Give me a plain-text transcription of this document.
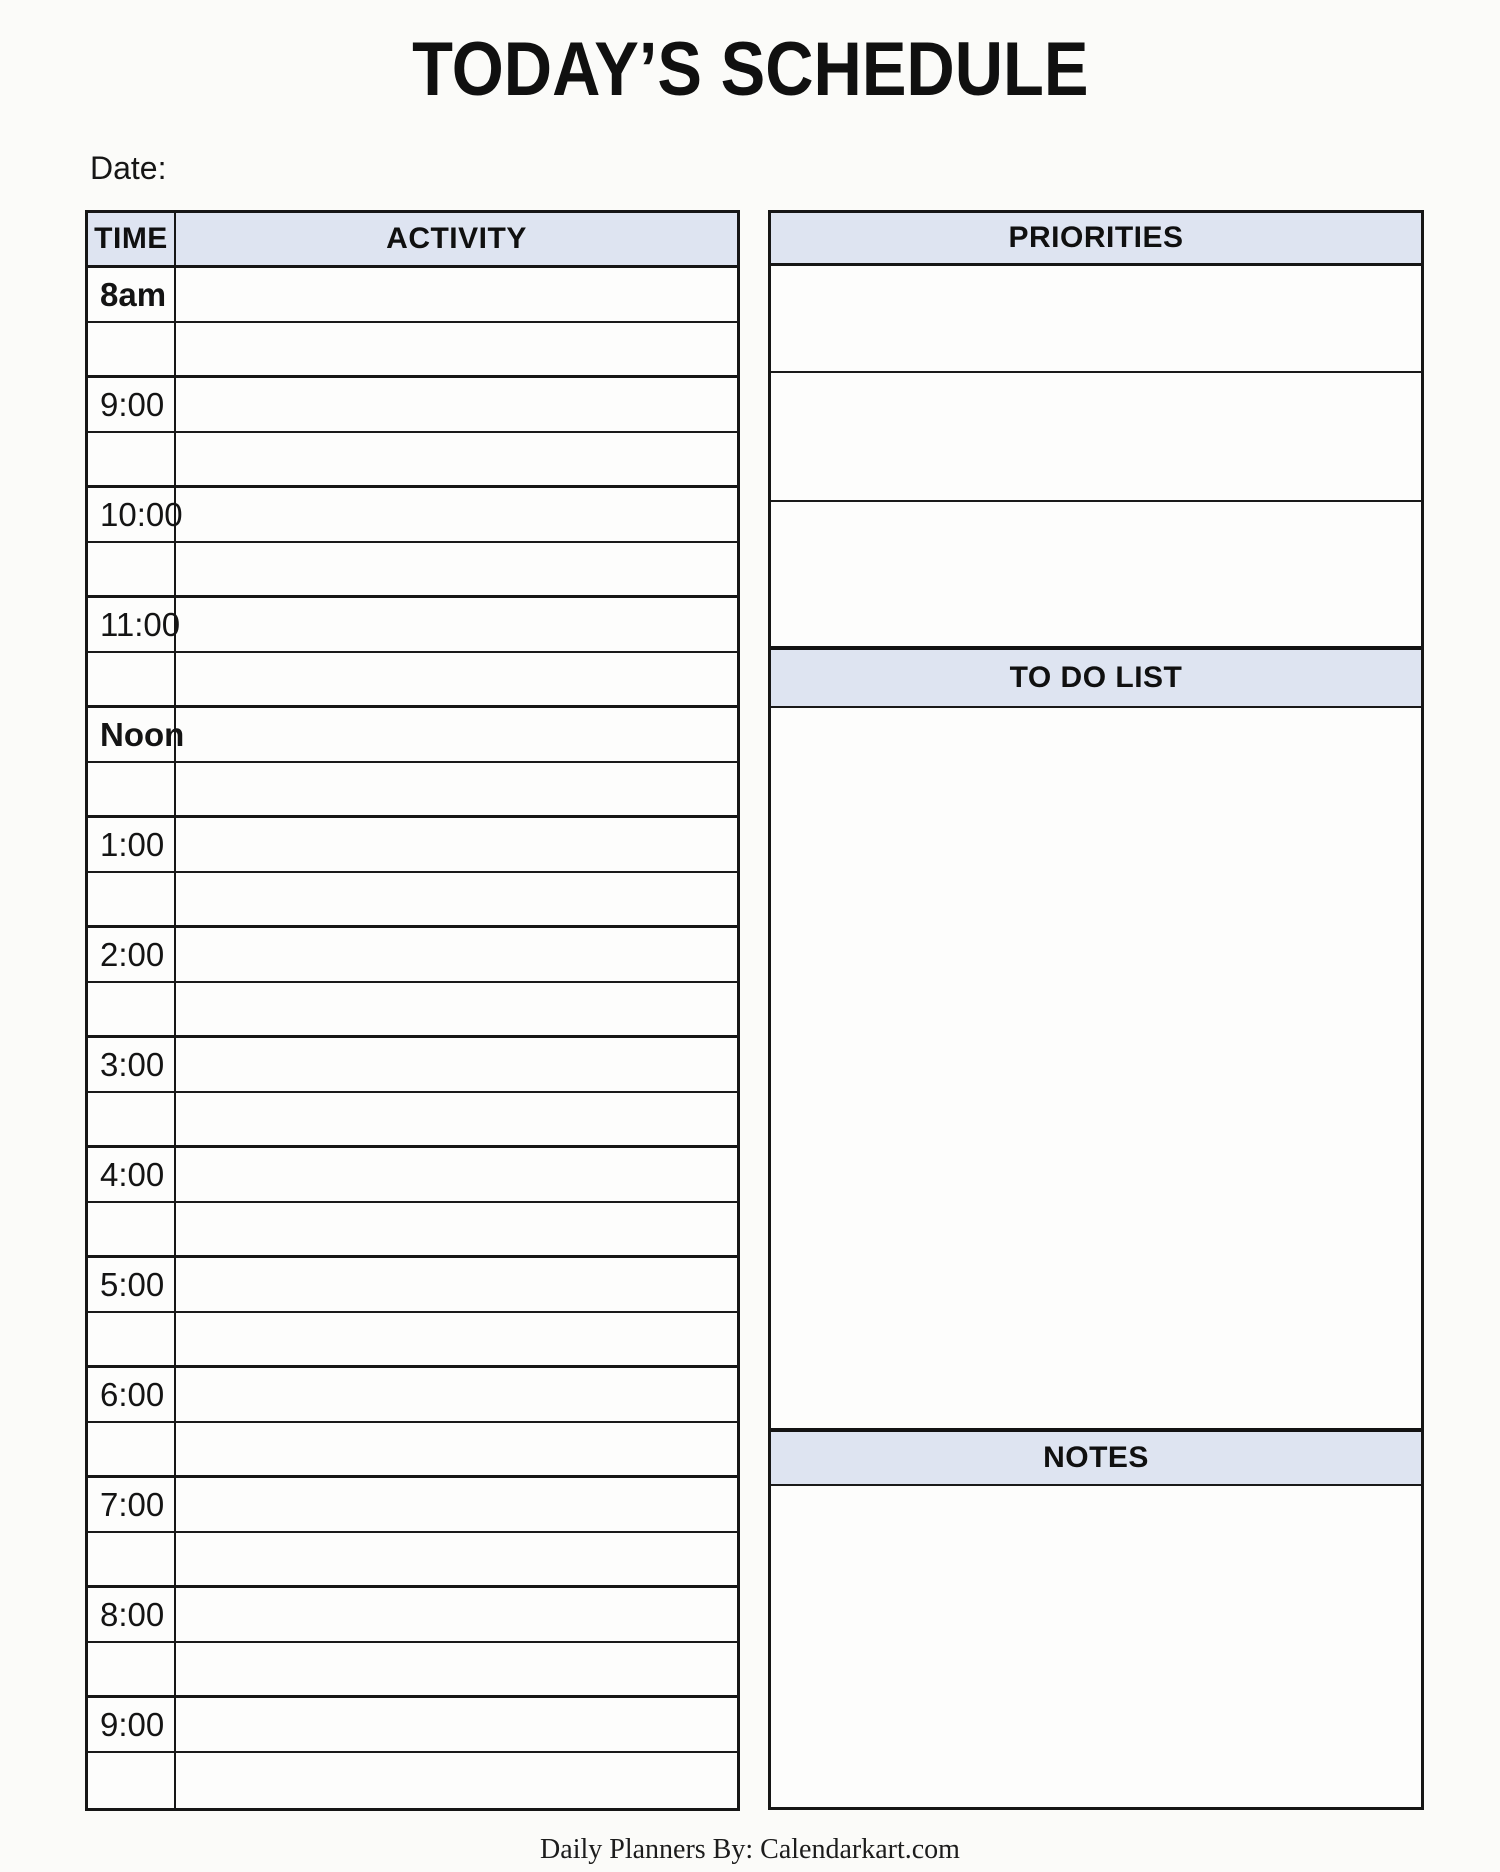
TODAY’S SCHEDULE
Date:
TIME	ACTIVITY
8am
9:00
10:00
11:00
Noon
1:00
2:00
3:00
4:00
5:00
6:00
7:00
8:00
9:00
PRIORITIES
TO DO LIST
NOTES
Daily Planners By: Calendarkart.com
